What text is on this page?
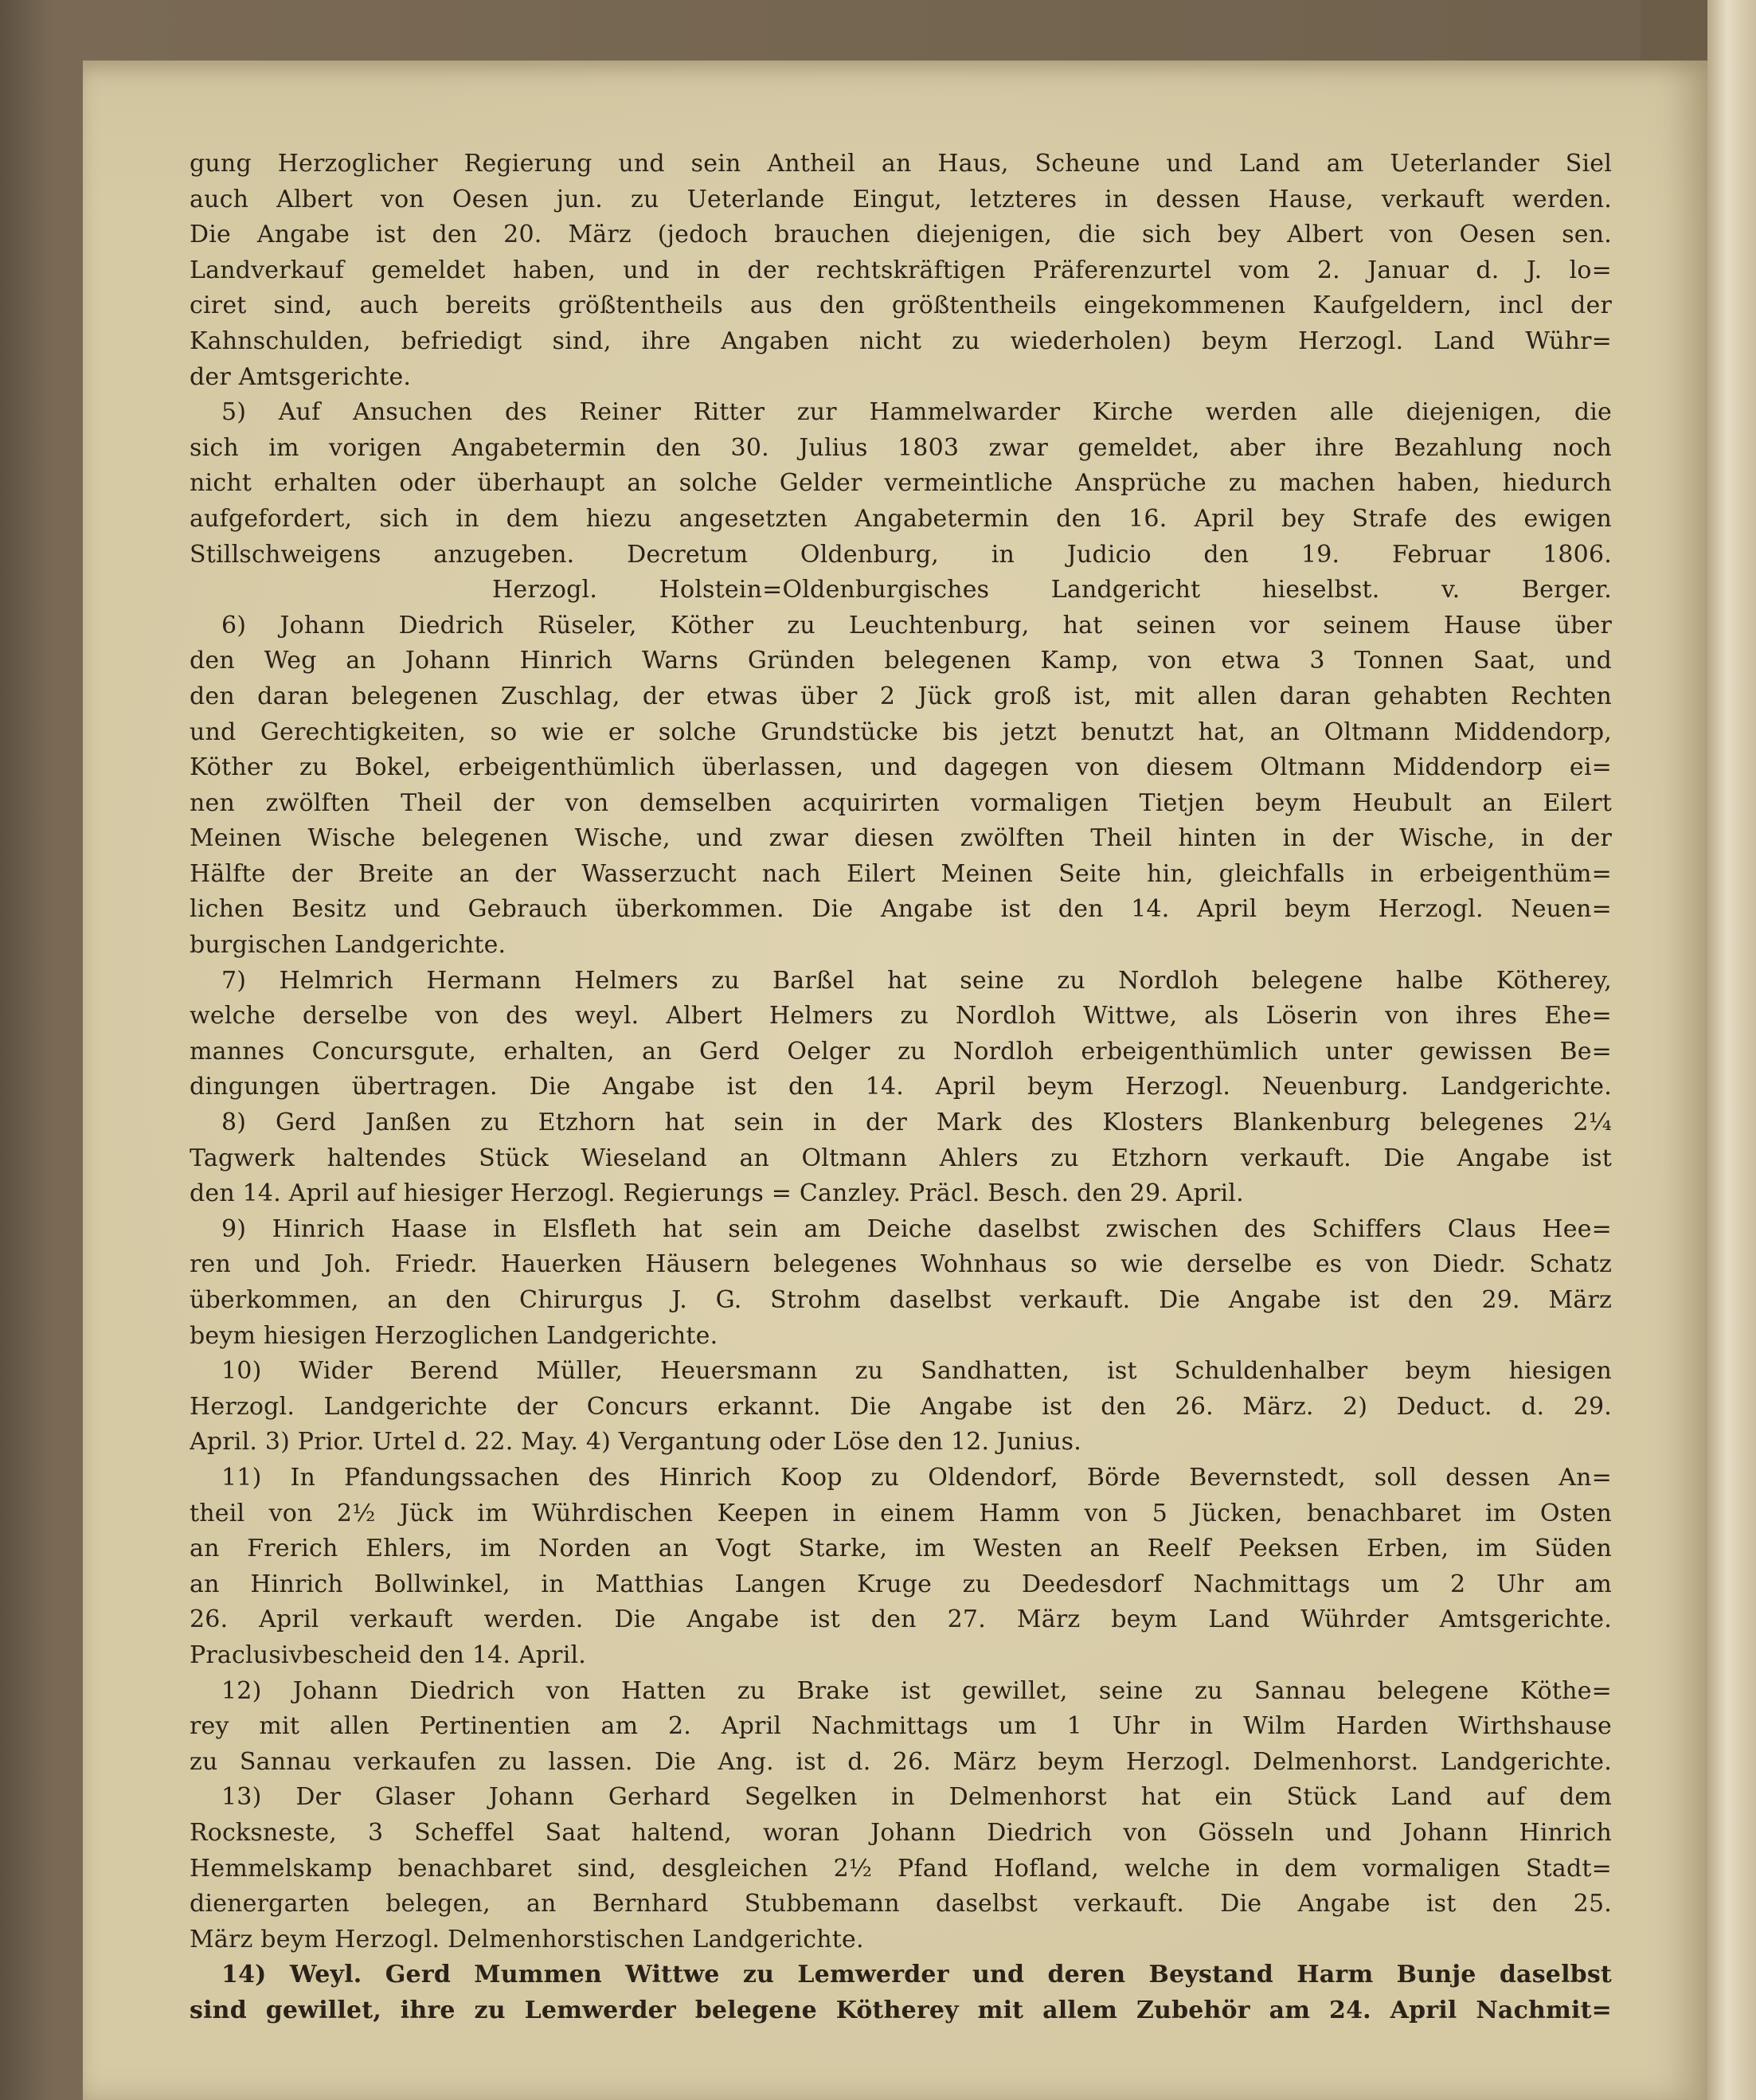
gung Herzoglicher Regierung und sein Antheil an Haus, Scheune und Land am Ueterlander Siel
auch Albert von Oesen jun. zu Ueterlande Eingut, letzteres in dessen Hause, verkauft werden.
Die Angabe ist den 20. März (jedoch brauchen diejenigen, die sich bey Albert von Oesen sen.
Landverkauf gemeldet haben, und in der rechtskräftigen Präferenzurtel vom 2. Januar d. J. lo=
ciret sind, auch bereits größtentheils aus den größtentheils eingekommenen Kaufgeldern, incl der
Kahnschulden, befriedigt sind, ihre Angaben nicht zu wiederholen) beym Herzogl. Land Wühr=
der Amtsgerichte.
5) Auf Ansuchen des Reiner Ritter zur Hammelwarder Kirche werden alle diejenigen, die
sich im vorigen Angabetermin den 30. Julius 1803 zwar gemeldet, aber ihre Bezahlung noch
nicht erhalten oder überhaupt an solche Gelder vermeintliche Ansprüche zu machen haben, hiedurch
aufgefordert, sich in dem hiezu angesetzten Angabetermin den 16. April bey Strafe des ewigen
Stillschweigens anzugeben. Decretum Oldenburg, in Judicio den 19. Februar 1806.
Herzogl. Holstein=Oldenburgisches Landgericht hieselbst. v. Berger.
6) Johann Diedrich Rüseler, Köther zu Leuchtenburg, hat seinen vor seinem Hause über
den Weg an Johann Hinrich Warns Gründen belegenen Kamp, von etwa 3 Tonnen Saat, und
den daran belegenen Zuschlag, der etwas über 2 Jück groß ist, mit allen daran gehabten Rechten
und Gerechtigkeiten, so wie er solche Grundstücke bis jetzt benutzt hat, an Oltmann Middendorp,
Köther zu Bokel, erbeigenthümlich überlassen, und dagegen von diesem Oltmann Middendorp ei=
nen zwölften Theil der von demselben acquirirten vormaligen Tietjen beym Heubult an Eilert
Meinen Wische belegenen Wische, und zwar diesen zwölften Theil hinten in der Wische, in der
Hälfte der Breite an der Wasserzucht nach Eilert Meinen Seite hin, gleichfalls in erbeigenthüm=
lichen Besitz und Gebrauch überkommen. Die Angabe ist den 14. April beym Herzogl. Neuen=
burgischen Landgerichte.
7) Helmrich Hermann Helmers zu Barßel hat seine zu Nordloh belegene halbe Kötherey,
welche derselbe von des weyl. Albert Helmers zu Nordloh Wittwe, als Löserin von ihres Ehe=
mannes Concursgute, erhalten, an Gerd Oelger zu Nordloh erbeigenthümlich unter gewissen Be=
dingungen übertragen. Die Angabe ist den 14. April beym Herzogl. Neuenburg. Landgerichte.
8) Gerd Janßen zu Etzhorn hat sein in der Mark des Klosters Blankenburg belegenes 2¼
Tagwerk haltendes Stück Wieseland an Oltmann Ahlers zu Etzhorn verkauft. Die Angabe ist
den 14. April auf hiesiger Herzogl. Regierungs = Canzley. Präcl. Besch. den 29. April.
9) Hinrich Haase in Elsfleth hat sein am Deiche daselbst zwischen des Schiffers Claus Hee=
ren und Joh. Friedr. Hauerken Häusern belegenes Wohnhaus so wie derselbe es von Diedr. Schatz
überkommen, an den Chirurgus J. G. Strohm daselbst verkauft. Die Angabe ist den 29. März
beym hiesigen Herzoglichen Landgerichte.
10) Wider Berend Müller, Heuersmann zu Sandhatten, ist Schuldenhalber beym hiesigen
Herzogl. Landgerichte der Concurs erkannt. Die Angabe ist den 26. März. 2) Deduct. d. 29.
April. 3) Prior. Urtel d. 22. May. 4) Vergantung oder Löse den 12. Junius.
11) In Pfandungssachen des Hinrich Koop zu Oldendorf, Börde Bevernstedt, soll dessen An=
theil von 2½ Jück im Wührdischen Keepen in einem Hamm von 5 Jücken, benachbaret im Osten
an Frerich Ehlers, im Norden an Vogt Starke, im Westen an Reelf Peeksen Erben, im Süden
an Hinrich Bollwinkel, in Matthias Langen Kruge zu Deedesdorf Nachmittags um 2 Uhr am
26. April verkauft werden. Die Angabe ist den 27. März beym Land Wührder Amtsgerichte.
Praclusivbescheid den 14. April.
12) Johann Diedrich von Hatten zu Brake ist gewillet, seine zu Sannau belegene Köthe=
rey mit allen Pertinentien am 2. April Nachmittags um 1 Uhr in Wilm Harden Wirthshause
zu Sannau verkaufen zu lassen. Die Ang. ist d. 26. März beym Herzogl. Delmenhorst. Landgerichte.
13) Der Glaser Johann Gerhard Segelken in Delmenhorst hat ein Stück Land auf dem
Rocksneste, 3 Scheffel Saat haltend, woran Johann Diedrich von Gösseln und Johann Hinrich
Hemmelskamp benachbaret sind, desgleichen 2½ Pfand Hofland, welche in dem vormaligen Stadt=
dienergarten belegen, an Bernhard Stubbemann daselbst verkauft. Die Angabe ist den 25.
März beym Herzogl. Delmenhorstischen Landgerichte.
14) Weyl. Gerd Mummen Wittwe zu Lemwerder und deren Beystand Harm Bunje daselbst
sind gewillet, ihre zu Lemwerder belegene Kötherey mit allem Zubehör am 24. April Nachmit=
